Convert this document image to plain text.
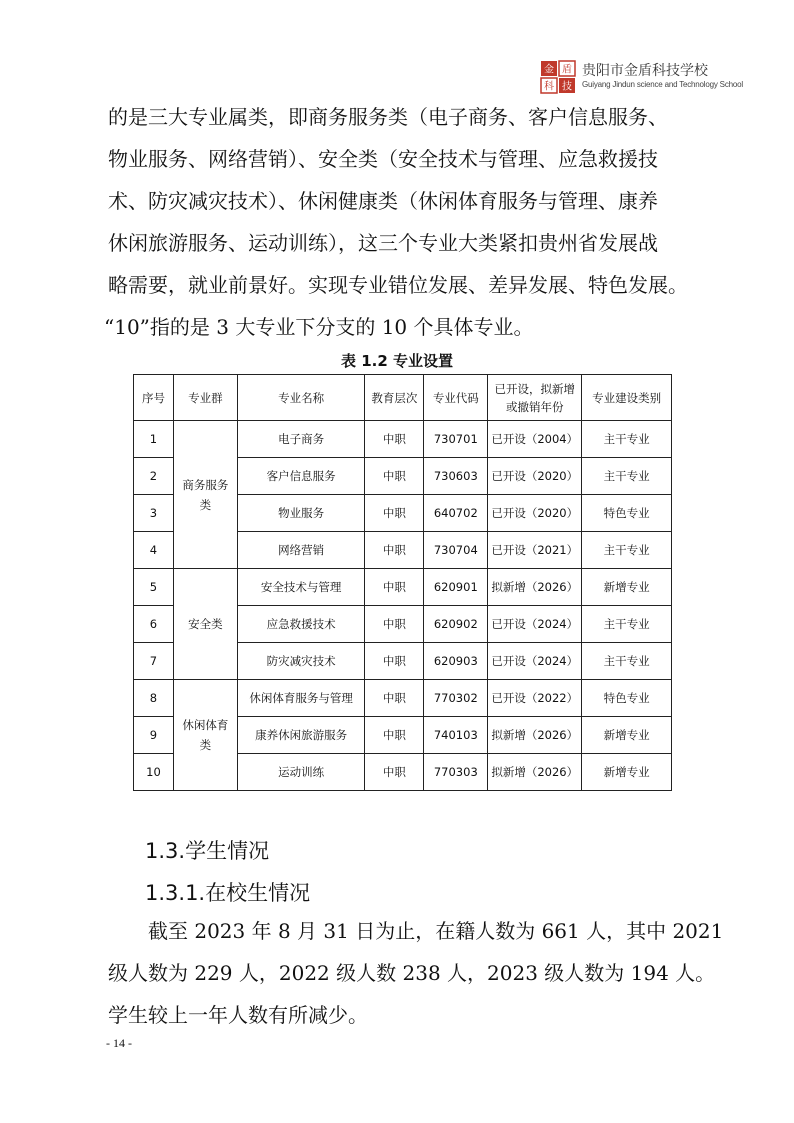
金 盾
科 技
贵阳市金盾科技学校
Guiyang Jindun science and Technology School
的是三大专业属类，即商务服务类（电子商务、客户信息服务、
物业服务、网络营销）、安全类（安全技术与管理、应急救援技
术、防灾减灾技术）、休闲健康类（休闲体育服务与管理、康养
休闲旅游服务、运动训练），这三个专业大类紧扣贵州省发展战
略需要，就业前景好。实现专业错位发展、差异发展、特色发展。
“10”指的是 3 大专业下分支的 10 个具体专业。
表 1.2 专业设置
序号	专业群	专业名称	教育层次	专业代码	已开设，拟新增
或撤销年份	专业建设类别
1	商务服务
类	电子商务	中职	730701	已开设（2004）	主干专业
2		客户信息服务	中职	730603	已开设（2020）	主干专业
3		物业服务	中职	640702	已开设（2020）	特色专业
4		网络营销	中职	730704	已开设（2021）	主干专业
5	安全类	安全技术与管理	中职	620901	拟新增（2026）	新增专业
6		应急救援技术	中职	620902	已开设（2024）	主干专业
7		防灾减灾技术	中职	620903	已开设（2024）	主干专业
8	休闲体育
类	休闲体育服务与管理	中职	770302	已开设（2022）	特色专业
9		康养休闲旅游服务	中职	740103	拟新增（2026）	新增专业
10		运动训练	中职	770303	拟新增（2026）	新增专业
1.3.学生情况
1.3.1.在校生情况
截至 2023 年 8 月 31 日为止，在籍人数为 661 人，其中 2021
级人数为 229 人，2022 级人数 238 人，2023 级人数为 194 人。
学生较上一年人数有所减少。
- 14 -
